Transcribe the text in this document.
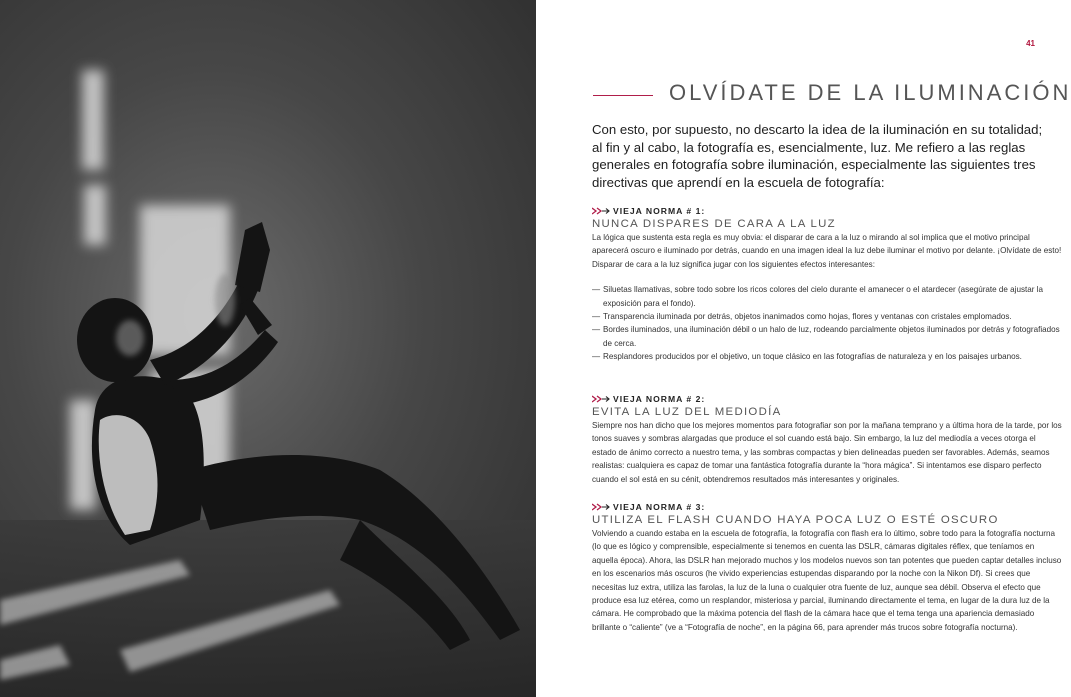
41
OLVÍDATE DE LA ILUMINACIÓN

Con esto, por supuesto, no descarto la idea de la iluminación en su totalidad; al fin y al cabo, la fotografía es, esencialmente, luz. Me refiero a las reglas generales en fotografía sobre iluminación, especialmente las siguientes tres directivas que aprendí en la escuela de fotografía:

VIEJA NORMA # 1:
NUNCA DISPARES DE CARA A LA LUZ

La lógica que sustenta esta regla es muy obvia: el disparar de cara a la luz o mirando al sol implica que el motivo principal aparecerá oscuro e iluminado por detrás, cuando en una imagen ideal la luz debe iluminar el motivo por delante. ¡Olvídate de esto! Disparar de cara a la luz significa jugar con los siguientes efectos interesantes:

— Siluetas llamativas, sobre todo sobre los ricos colores del cielo durante el amanecer o el atardecer (asegúrate de ajustar la exposición para el fondo).
— Transparencia iluminada por detrás, objetos inanimados como hojas, flores y ventanas con cristales emplomados.
— Bordes iluminados, una iluminación débil o un halo de luz, rodeando parcialmente objetos iluminados por detrás y fotografiados de cerca.
— Resplandores producidos por el objetivo, un toque clásico en las fotografías de naturaleza y en los paisajes urbanos.
VIEJA NORMA # 2:
EVITA LA LUZ DEL MEDIODÍA

Siempre nos han dicho que los mejores momentos para fotografiar son por la mañana temprano y a última hora de la tarde, por los tonos suaves y sombras alargadas que produce el sol cuando está bajo. Sin embargo, la luz del mediodía a veces otorga el estado de ánimo correcto a nuestro tema, y las sombras compactas y bien delineadas pueden ser favorables. Además, seamos realistas: cualquiera es capaz de tomar una fantástica fotografía durante la “hora mágica”. Si intentamos ese disparo perfecto cuando el sol está en su cénit, obtendremos resultados más interesantes y originales.

VIEJA NORMA # 3:
UTILIZA EL FLASH CUANDO HAYA POCA LUZ O ESTÉ OSCURO

Volviendo a cuando estaba en la escuela de fotografía, la fotografía con flash era lo último, sobre todo para la fotografía nocturna (lo que es lógico y comprensible, especialmente si tenemos en cuenta las DSLR, cámaras digitales réflex, que teníamos en aquella época). Ahora, las DSLR han mejorado muchos y los modelos nuevos son tan potentes que pueden captar detalles incluso en los escenarios más oscuros (he vivido experiencias estupendas disparando por la noche con la Nikon Df). Si crees que necesitas luz extra, utiliza las farolas, la luz de la luna o cualquier otra fuente de luz, aunque sea débil. Observa el efecto que produce esa luz etérea, como un resplandor, misteriosa y parcial, iluminando directamente el tema, en lugar de la dura luz de la cámara. He comprobado que la máxima potencia del flash de la cámara hace que el tema tenga una apariencia demasiado brillante o “caliente” (ve a “Fotografía de noche”, en la página 66, para aprender más trucos sobre fotografía nocturna).
